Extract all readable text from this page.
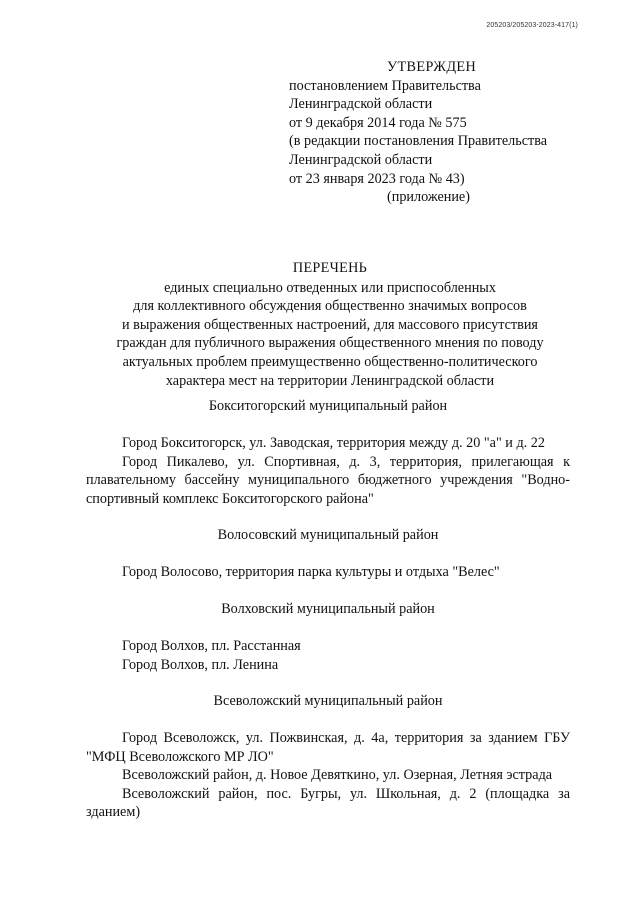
205203/205203-2023-417(1)
УТВЕРЖДЕН
постановлением Правительства
Ленинградской области
от 9 декабря 2014 года № 575
(в редакции постановления Правительства
Ленинградской области
от 23 января 2023 года № 43)
(приложение)
ПЕРЕЧЕНЬ
единых специально отведенных или приспособленных
для коллективного обсуждения общественно значимых вопросов
и выражения общественных настроений, для массового присутствия
граждан для публичного выражения общественного мнения по поводу
актуальных проблем преимущественно общественно-политического
характера мест на территории Ленинградской области

Бокситогорский муниципальный район

Город Бокситогорск, ул. Заводская, территория между д. 20 "а" и д. 22

Город Пикалево, ул. Спортивная, д. 3, территория, прилегающая к плавательному бассейну муниципального бюджетного учреждения "Водно-спортивный комплекс Бокситогорского района"

Волосовский муниципальный район

Город Волосово, территория парка культуры и отдыха "Велес"

Волховский муниципальный район

Город Волхов, пл. Расстанная

Город Волхов, пл. Ленина

Всеволожский муниципальный район

Город Всеволожск, ул. Пожвинская, д. 4а, территория за зданием ГБУ "МФЦ Всеволожского МР ЛО"

Всеволожский район, д. Новое Девяткино, ул. Озерная, Летняя эстрада

Всеволожский район, пос. Бугры, ул. Школьная, д. 2 (площадка за зданием)
